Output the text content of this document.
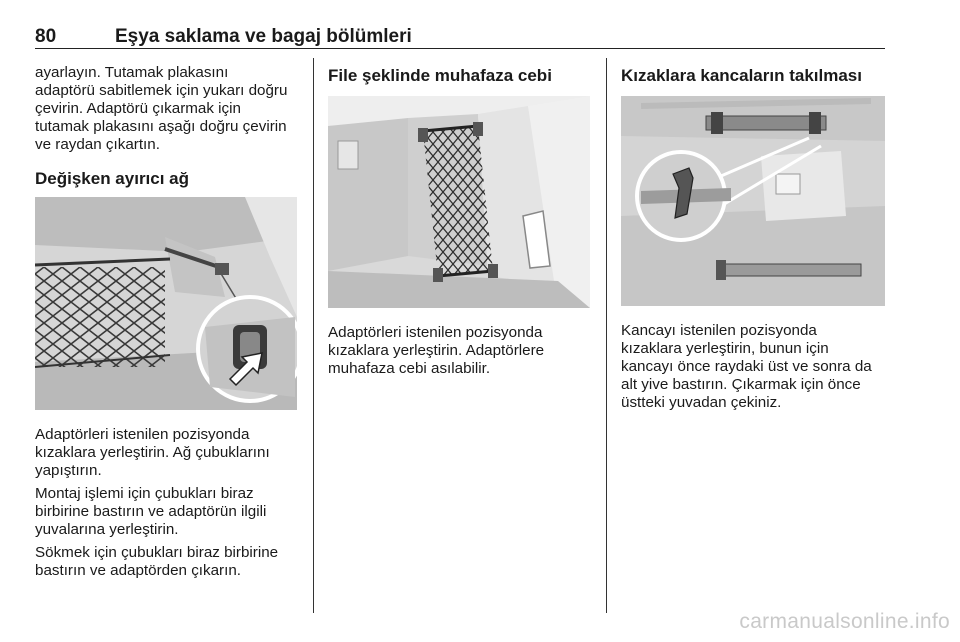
80	Eşya saklama ve bagaj bölümleri
ayarlayın. Tutamak plakasını
adaptörü sabitlemek için yukarı doğru
çevirin. Adaptörü çıkarmak için
tutamak plakasını aşağı doğru çevirin
ve raydan çıkartın.
Değişken ayırıcı ağ
Adaptörleri istenilen pozisyonda
kızaklara yerleştirin. Ağ çubuklarını
yapıştırın.
Montaj işlemi için çubukları biraz
birbirine bastırın ve adaptörün ilgili
yuvalarına yerleştirin.
Sökmek için çubukları biraz birbirine
bastırın ve adaptörden çıkarın.
File şeklinde muhafaza cebi
Adaptörleri istenilen pozisyonda
kızaklara yerleştirin. Adaptörlere
muhafaza cebi asılabilir.
Kızaklara kancaların takılması
Kancayı istenilen pozisyonda
kızaklara yerleştirin, bunun için
kancayı önce raydaki üst ve sonra da
alt yive bastırın. Çıkarmak için önce
üstteki yuvadan çekiniz.
carmanualsonline.info
